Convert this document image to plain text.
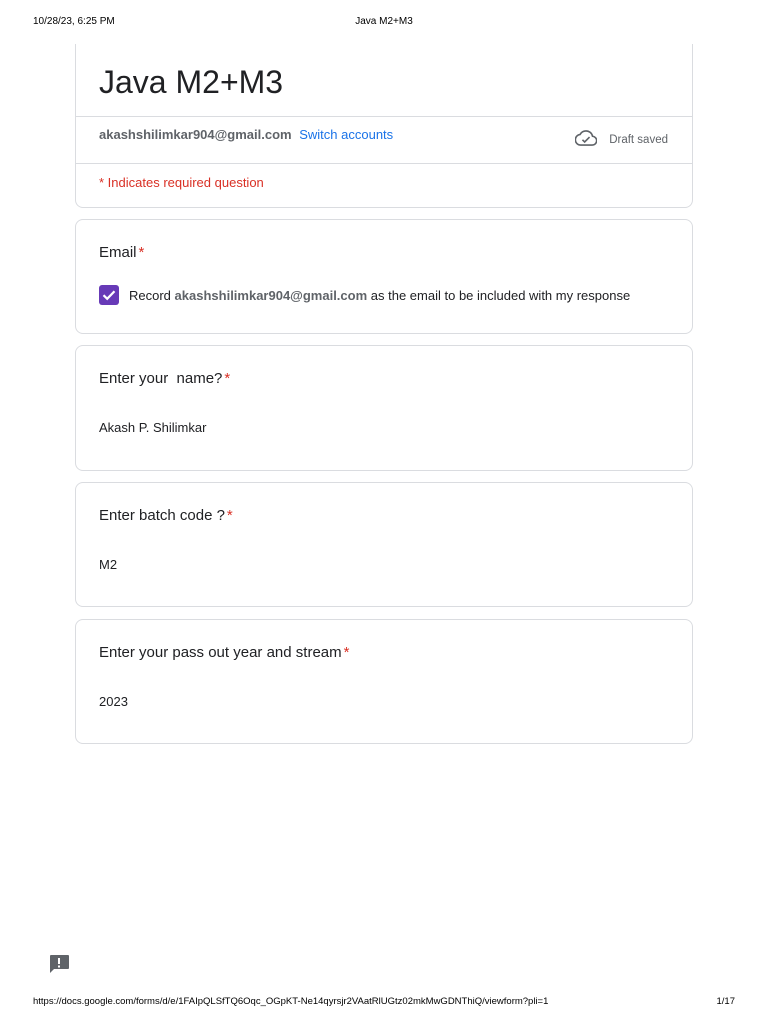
10/28/23, 6:25 PM	Java M2+M3
Java M2+M3
akashshilimkar904@gmail.com Switch accounts	Draft saved
* Indicates required question
Email *
Record
akashshilimkar904@gmail.com
as the email to be included with my response
Enter your  name? *
Akash P. Shilimkar
Enter batch code ? *
M2
Enter your pass out year and stream *
2023
https://docs.google.com/forms/d/e/1FAIpQLSfTQ6Oqc_OGpKT-Ne14qyrsjr2VAatRlUGtz02mkMwGDNThiQ/viewform?pli=1	1/17
